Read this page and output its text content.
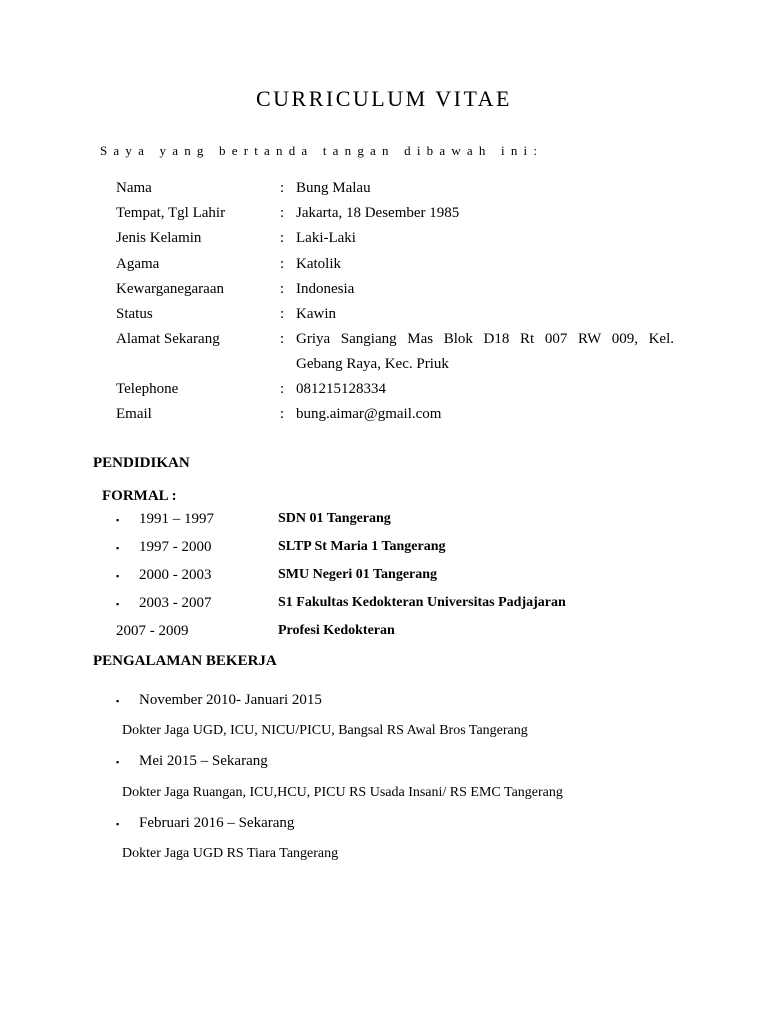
CURRICULUM VITAE
Saya yang bertanda tangan dibawah ini:
Nama	: Bung Malau
Tempat, Tgl Lahir	: Jakarta, 18 Desember 1985
Jenis Kelamin	: Laki-Laki
Agama	: Katolik
Kewarganegaraan	: Indonesia
Status	: Kawin
Alamat Sekarang	: Griya Sangiang Mas Blok D18 Rt 007 RW 009, Kel.
Gebang Raya, Kec. Priuk
Telephone	: 081215128334
Email	: bung.aimar@gmail.com
PENDIDIKAN
FORMAL :
▪ 1991 – 1997	SDN 01 Tangerang
▪ 1997 - 2000	SLTP St Maria 1 Tangerang
▪ 2000 - 2003	SMU Negeri 01 Tangerang
▪ 2003 - 2007	S1 Fakultas Kedokteran Universitas Padjajaran
2007 - 2009	Profesi Kedokteran
PENGALAMAN BEKERJA
▪ November 2010- Januari 2015
Dokter Jaga UGD, ICU, NICU/PICU, Bangsal RS Awal Bros Tangerang
▪ Mei 2015 – Sekarang
Dokter Jaga Ruangan, ICU,HCU, PICU RS Usada Insani/ RS EMC Tangerang
▪ Februari 2016 – Sekarang
Dokter Jaga UGD RS Tiara Tangerang
